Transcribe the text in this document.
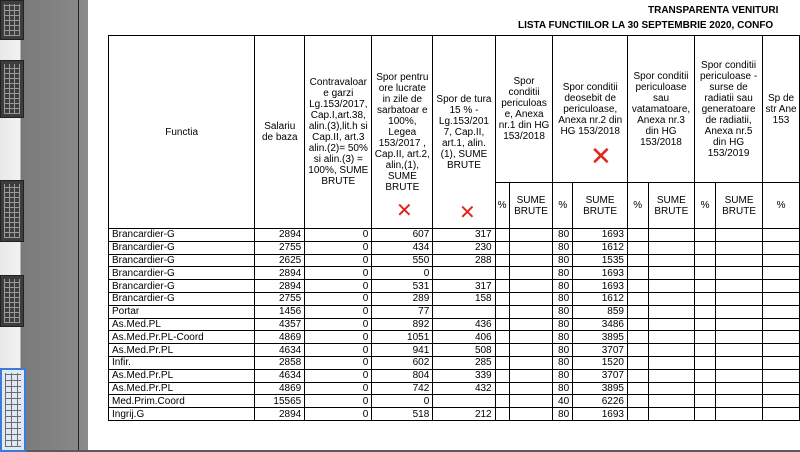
TRANSPARENTA VENITURI
LISTA FUNCTIILOR LA 30 SEPTEMBRIE 2020, CONFO
Functia	Salariu de baza	Contravaloar e garzi Lg.153/2017, Cap.I,art.38, alin.(3),lit.h si Cap.II, art.3 alin.(2)= 50% si alin.(3) = 100%, SUME BRUTE	Spor pentru ore lucrate in zile de sarbatoar e 100%, Legea 153/2017 , Cap.II, art.2, alin,(1), SUME BRUTE	Spor de tura 15 % - Lg.153/201 7, Cap.II, art.1, alin.(1), SUME BRUTE	Spor conditii periculoas e, Anexa nr.1 din HG 153/2018		Spor conditii deosebit de periculoase, Anexa nr.2 din HG 153/2018		Spor conditii periculoase sau vatamatoare, Anexa nr.3 din HG 153/2018		Spor conditii periculoase - surse de radiatii sau generatoare de radiatii, Anexa nr.5 din HG 153/2019		Sp de str Ane 153
					%	SUME BRUTE	%	SUME BRUTE	%	SUME BRUTE	%	SUME BRUTE	%
Brancardier-G	2894	0	607	317			80	1693					
Brancardier-G	2755	0	434	230			80	1612					
Brancardier-G	2625	0	550	288			80	1535					
Brancardier-G	2894	0	0				80	1693					
Brancardier-G	2894	0	531	317			80	1693					
Brancardier-G	2755	0	289	158			80	1612					
Portar	1456	0	77				80	859					
As.Med.PL	4357	0	892	436			80	3486					
As.Med.Pr.PL-Coord	4869	0	1051	406			80	3895					
As.Med.Pr.PL	4634	0	941	508			80	3707					
Infir.	2858	0	602	285			80	1520					
As.Med.Pr.PL	4634	0	804	339			80	3707					
As.Med.Pr.PL	4869	0	742	432			80	3895					
Med.Prim.Coord	15565	0	0				40	6226					
Ingrij.G	2894	0	518	212			80	1693					
✕ ✕
✕
